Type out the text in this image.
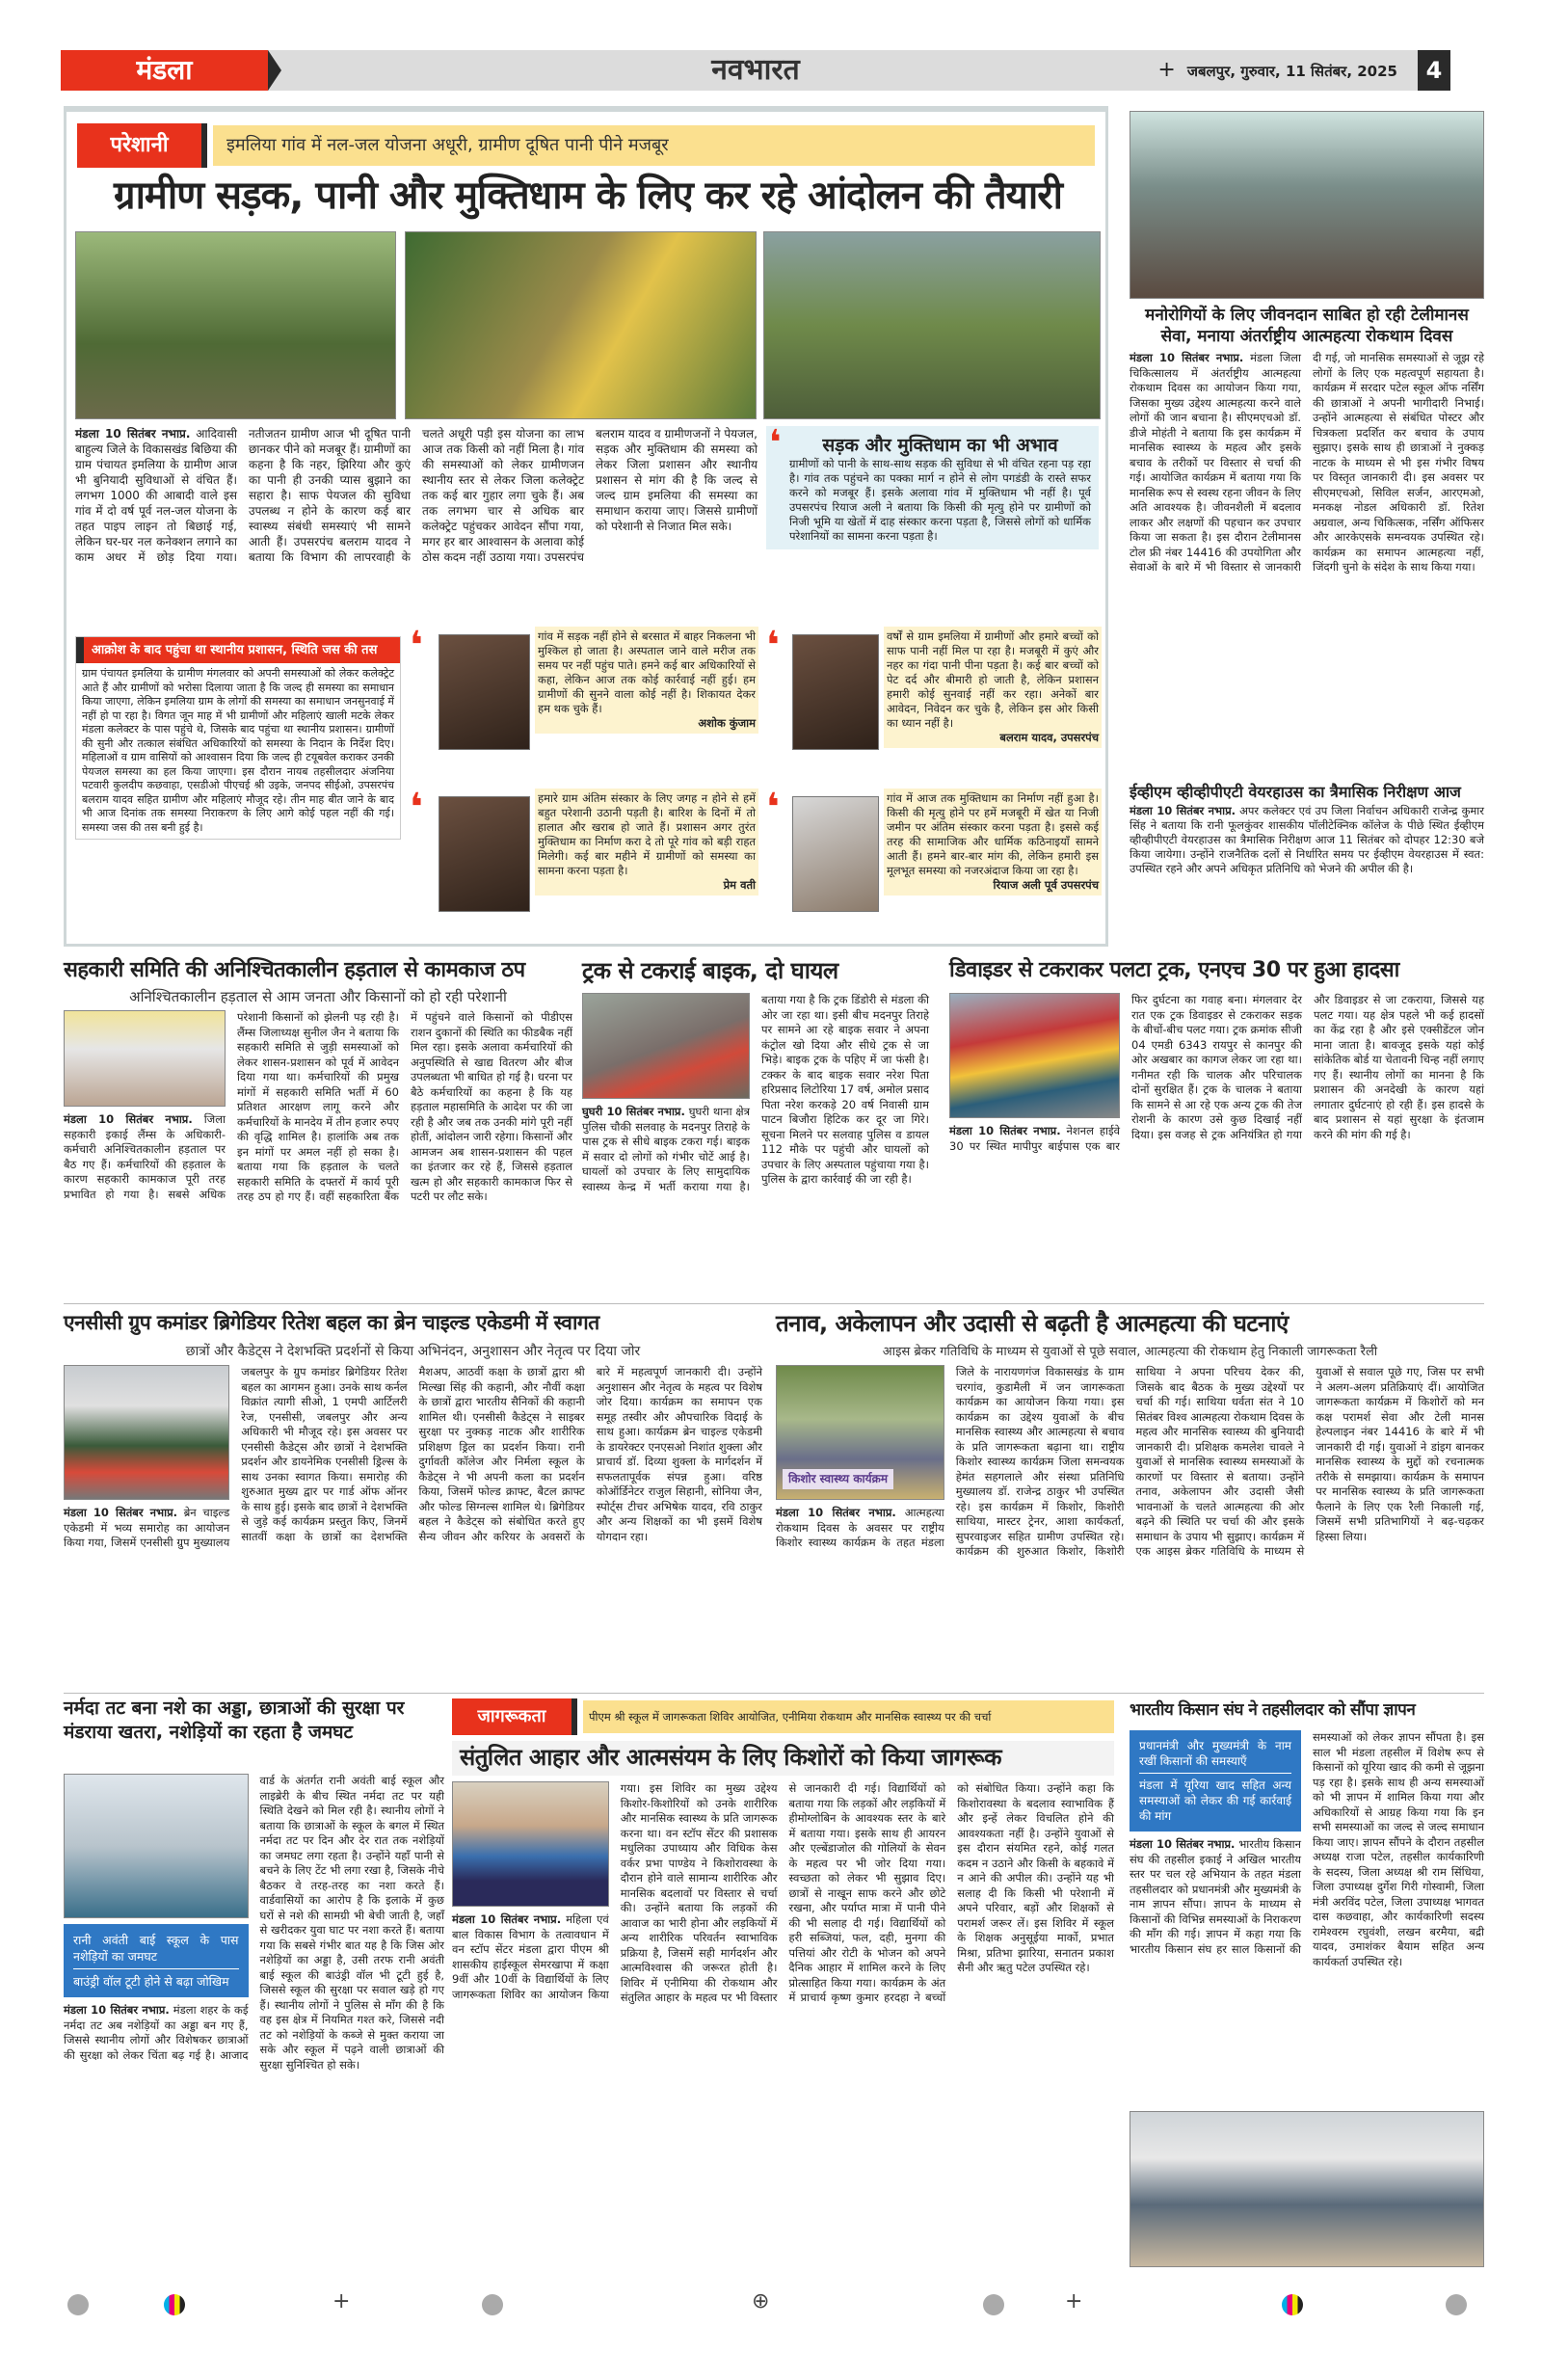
नवभारत
मंडला	+ जबलपुर, गुरुवार, 11 सितंबर, 2025	4
परेशानी	इमलिया गांव में नल-जल योजना अधूरी, ग्रामीण दूषित पानी पीने मजबूर
ग्रामीण सड़क, पानी और मुक्तिधाम के लिए कर रहे आंदोलन की तैयारी
मंडला 10 सितंबर नभाप्र. आदिवासी बाहुल्य जिले के विकासखंड बिछिया की ग्राम पंचायत इमलिया के ग्रामीण आज भी बुनियादी सुविधाओं से वंचित हैं। लगभग 1000 की आबादी वाले इस गांव में दो वर्ष पूर्व नल-जल योजना के तहत पाइप लाइन तो बिछाई गई, लेकिन घर-घर नल कनेक्शन लगाने का काम अधर में छोड़ दिया गया। नतीजतन ग्रामीण आज भी दूषित पानी छानकर पीने को मजबूर हैं। ग्रामीणों का कहना है कि नहर, झिरिया और कुएं का पानी ही उनकी प्यास बुझाने का सहारा है। साफ पेयजल की सुविधा उपलब्ध न होने के कारण कई बार स्वास्थ्य संबंधी समस्याएं भी सामने आती हैं। उपसरपंच बलराम यादव ने बताया कि विभाग की लापरवाही के चलते अधूरी पड़ी इस योजना का लाभ आज तक किसी को नहीं मिला है। गांव की समस्याओं को लेकर ग्रामीणजन स्थानीय स्तर से लेकर जिला कलेक्ट्रेट तक कई बार गुहार लगा चुके हैं। अब तक लगभग चार से अधिक बार कलेक्ट्रेट पहुंचकर आवेदन सौंपा गया, मगर हर बार आश्वासन के अलावा कोई ठोस कदम नहीं उठाया गया। उपसरपंच बलराम यादव व ग्रामीणजनों ने पेयजल, सड़क और मुक्तिधाम की समस्या को लेकर जिला प्रशासन और स्थानीय प्रशासन से मांग की है कि जल्द से जल्द ग्राम इमलिया की समस्या का समाधान कराया जाए। जिससे ग्रामीणों को परेशानी से निजात मिल सके।
आक्रोश के बाद पहुंचा था स्थानीय प्रशासन, स्थिति जस की तस
ग्राम पंचायत इमलिया के ग्रामीण मंगलवार को अपनी समस्याओं को लेकर कलेक्ट्रेट आते हैं और ग्रामीणों को भरोसा दिलाया जाता है कि जल्द ही समस्या का समाधान किया जाएगा, लेकिन इमलिया ग्राम के लोगों की समस्या का समाधान जनसुनवाई में नहीं हो पा रहा है। विगत जून माह में भी ग्रामीणों और महिलाएं खाली मटके लेकर मंडला कलेक्टर के पास पहुंचे थे, जिसके बाद पहुंचा था स्थानीय प्रशासन। ग्रामीणों की सुनी और तत्काल संबंधित अधिकारियों को समस्या के निदान के निर्देश दिए। महिलाओं व ग्राम वासियों को आश्वासन दिया कि जल्द ही टयूबवेल कराकर उनकी पेयजल समस्या का हल किया जाएगा। इस दौरान नायब तहसीलदार अंजनिया पटवारी कुलदीप कछवाहा, एसडीओ पीएचई श्री उइके, जनपद सीईओ, उपसरपंच बलराम यादव सहित ग्रामीण और महिलाएं मौजूद रहे। तीन माह बीत जाने के बाद भी आज दिनांक तक समस्या निराकरण के लिए आगे कोई पहल नहीं की गई। समस्या जस की तस बनी हुई है।
सड़क और मुक्तिधाम का भी अभाव
ग्रामीणों को पानी के साथ-साथ सड़क की सुविधा से भी वंचित रहना पड़ रहा है। गांव तक पहुंचने का पक्का मार्ग न होने से लोग पगडंडी के रास्ते सफर करने को मजबूर हैं। इसके अलावा गांव में मुक्तिधाम भी नहीं है। पूर्व उपसरपंच रियाज अली ने बताया कि किसी की मृत्यु होने पर ग्रामीणों को निजी भूमि या खेतों में दाह संस्कार करना पड़ता है, जिससे लोगों को धार्मिक परेशानियों का सामना करना पड़ता है।
❛
❛	गांव में सड़क नहीं होने से बरसात में बाहर निकलना भी मुश्किल हो जाता है। अस्पताल जाने वाले मरीज तक समय पर नहीं पहुंच पाते। हमने कई बार अधिकारियों से कहा, लेकिन आज तक कोई कार्रवाई नहीं हुई। हम ग्रामीणों की सुनने वाला कोई नहीं है। शिकायत देकर हम थक चुके हैं।
अशोक कुंजाम
❛	हमारे ग्राम अंतिम संस्कार के लिए जगह न होने से हमें बहुत परेशानी उठानी पड़ती है। बारिश के दिनों में तो हालात और खराब हो जाते हैं। प्रशासन अगर तुरंत मुक्तिधाम का निर्माण करा दे तो पूरे गांव को बड़ी राहत मिलेगी। कई बार महीने में ग्रामीणों को समस्या का सामना करना पड़ता है।
प्रेम वती
❛	वर्षों से ग्राम इमलिया में ग्रामीणों और हमारे बच्चों को साफ पानी नहीं मिल पा रहा है। मजबूरी में कुएं और नहर का गंदा पानी पीना पड़ता है। कई बार बच्चों को पेट दर्द और बीमारी हो जाती है, लेकिन प्रशासन हमारी कोई सुनवाई नहीं कर रहा। अनेकों बार आवेदन, निवेदन कर चुके है, लेकिन इस ओर किसी का ध्यान नहीं है।
बलराम यादव, उपसरपंच
❛	गांव में आज तक मुक्तिधाम का निर्माण नहीं हुआ है। किसी की मृत्यु होने पर हमें मजबूरी में खेत या निजी जमीन पर अंतिम संस्कार करना पड़ता है। इससे कई तरह की सामाजिक और धार्मिक कठिनाइयाँ सामने आती हैं। हमने बार-बार मांग की, लेकिन हमारी इस मूलभूत समस्या को नजरअंदाज किया जा रहा है।
रियाज अली पूर्व उपसरपंच
मनोरोगियों के लिए जीवनदान साबित हो रही टेलीमानस सेवा, मनाया अंतर्राष्ट्रीय आत्महत्या रोकथाम दिवस
मंडला 10 सितंबर नभाप्र. मंडला जिला चिकित्सालय में अंतर्राष्ट्रीय आत्महत्या रोकथाम दिवस का आयोजन किया गया, जिसका मुख्य उद्देश्य आत्महत्या करने वाले लोगों की जान बचाना है। सीएमएचओ डॉ. डीजे मोहंती ने बताया कि इस कार्यक्रम में मानसिक स्वास्थ्य के महत्व और इसके बचाव के तरीकों पर विस्तार से चर्चा की गई। आयोजित कार्यक्रम में बताया गया कि मानसिक रूप से स्वस्थ रहना जीवन के लिए अति आवश्यक है। जीवनशैली में बदलाव लाकर और लक्षणों की पहचान कर उपचार किया जा सकता है। इस दौरान टेलीमानस टोल फ्री नंबर 14416 की उपयोगिता और सेवाओं के बारे में भी विस्तार से जानकारी दी गई, जो मानसिक समस्याओं से जूझ रहे लोगों के लिए एक महत्वपूर्ण सहायता है। कार्यक्रम में सरदार पटेल स्कूल ऑफ नर्सिंग की छात्राओं ने अपनी भागीदारी निभाई। उन्होंने आत्महत्या से संबंधित पोस्टर और चित्रकला प्रदर्शित कर बचाव के उपाय सुझाए। इसके साथ ही छात्राओं ने नुक्कड़ नाटक के माध्यम से भी इस गंभीर विषय पर विस्तृत जानकारी दी। इस अवसर पर सीएमएचओ, सिविल सर्जन, आरएमओ, मनकक्ष नोडल अधिकारी डॉ. रितेश अग्रवाल, अन्य चिकित्सक, नर्सिंग ऑफिसर और आरकेएसके समन्वयक उपस्थित रहे। कार्यक्रम का समापन आत्महत्या नहीं, जिंदगी चुनो के संदेश के साथ किया गया।
ईव्हीएम व्हीव्हीपीएटी वेयरहाउस का त्रैमासिक निरीक्षण आज
मंडला 10 सितंबर नभाप्र. अपर कलेक्टर एवं उप जिला निर्वाचन अधिकारी राजेन्द्र कुमार सिंह ने बताया कि रानी फूलकुंवर शासकीय पॉलीटेक्निक कॉलेज के पीछे स्थित ईव्हीएम व्हीव्हीपीएटी वेयरहाउस का त्रैमासिक निरीक्षण आज 11 सितंबर को दोपहर 12:30 बजे किया जायेगा। उन्होंने राजनैतिक दलों से निर्धारित समय पर ईव्हीएम वेयरहाउस में स्वत: उपस्थित रहने और अपने अधिकृत प्रतिनिधि को भेजने की अपील की है।
सहकारी समिति की अनिश्चितकालीन हड़ताल से कामकाज ठप
अनिश्चितकालीन हड़ताल से आम जनता और किसानों को हो रही परेशानी
मंडला 10 सितंबर नभाप्र. जिला सहकारी इकाई लैंम्स के अधिकारी-कर्मचारी अनिश्चितकालीन हड़ताल पर बैठ गए हैं। कर्मचारियों की हड़ताल के कारण सहकारी कामकाज पूरी तरह प्रभावित हो गया है। सबसे अधिक परेशानी किसानों को झेलनी पड़ रही है। लैंम्स जिलाध्यक्ष सुनील जैन ने बताया कि सहकारी समिति से जुड़ी समस्याओं को लेकर शासन-प्रशासन को पूर्व में आवेदन दिया गया था। कर्मचारियों की प्रमुख मांगों में सहकारी समिति भर्ती में 60 प्रतिशत आरक्षण लागू करने और कर्मचारियों के मानदेय में तीन हजार रुपए की वृद्धि शामिल है। हालांकि अब तक इन मांगों पर अमल नहीं हो सका है। बताया गया कि हड़ताल के चलते सहकारी समिति के दफ्तरों में कार्य पूरी तरह ठप हो गए हैं। वहीं सहकारिता बैंक में पहुंचने वाले किसानों को पीडीएस राशन दुकानों की स्थिति का फीडबैक नहीं मिल रहा। इसके अलावा कर्मचारियों की अनुपस्थिति से खाद्य वितरण और बीज उपलब्धता भी बाधित हो गई है। धरना पर बैठे कर्मचारियों का कहना है कि यह हड़ताल महासमिति के आदेश पर की जा रही है और जब तक उनकी मांगे पूरी नहीं होतीं, आंदोलन जारी रहेगा। किसानों और आमजन अब शासन-प्रशासन की पहल का इंतजार कर रहे हैं, जिससे हड़ताल खत्म हो और सहकारी कामकाज फिर से पटरी पर लौट सके।
ट्रक से टकराई बाइक, दो घायल
घुघरी 10 सितंबर नभाप्र. घुघरी थाना क्षेत्र पुलिस चौकी सलवाह के मदनपुर तिराहे के पास ट्रक से सीधे बाइक टकरा गई। बाइक में सवार दो लोगों को गंभीर चोटें आई है। घायलों को उपचार के लिए सामुदायिक स्वास्थ्य केन्द्र में भर्ती कराया गया है। बताया गया है कि ट्रक डिंडोरी से मंडला की ओर जा रहा था। इसी बीच मदनपुर तिराहे पर सामने आ रहे बाइक सवार ने अपना कंट्रोल खो दिया और सीधे ट्रक से जा भिड़े। बाइक ट्रक के पहिए में जा फंसी है। टक्कर के बाद बाइक सवार नरेश पिता हरिप्रसाद लिटोरिया 17 वर्ष, अमोल प्रसाद पिता नरेश करकड़े 20 वर्ष निवासी ग्राम पाटन बिजौरा हिटिक कर दूर जा गिरे। सूचना मिलने पर सलवाह पुलिस व डायल 112 मौके पर पहुंची और घायलों को उपचार के लिए अस्पताल पहुंचाया गया है। पुलिस के द्वारा कार्रवाई की जा रही है।
डिवाइडर से टकराकर पलटा ट्रक, एनएच 30 पर हुआ हादसा
मंडला 10 सितंबर नभाप्र. नेशनल हाईवे 30 पर स्थित मापीपुर बाईपास एक बार फिर दुर्घटना का गवाह बना। मंगलवार देर रात एक ट्रक डिवाइडर से टकराकर सड़क के बीचों-बीच पलट गया। ट्रक क्रमांक सीजी 04 एमडी 6343 रायपुर से कानपुर की ओर अखबार का कागज लेकर जा रहा था। गनीमत रही कि चालक और परिचालक दोनों सुरक्षित हैं। ट्रक के चालक ने बताया कि सामने से आ रहे एक अन्य ट्रक की तेज रोशनी के कारण उसे कुछ दिखाई नहीं दिया। इस वजह से ट्रक अनियंत्रित हो गया और डिवाइडर से जा टकराया, जिससे यह पलट गया। यह क्षेत्र पहले भी कई हादसों का केंद्र रहा है और इसे एक्सीडेंटल जोन माना जाता है। बावजूद इसके यहां कोई सांकेतिक बोर्ड या चेतावनी चिन्ह नहीं लगाए गए हैं। स्थानीय लोगों का मानना है कि प्रशासन की अनदेखी के कारण यहां लगातार दुर्घटनाएं हो रही हैं। इस हादसे के बाद प्रशासन से यहां सुरक्षा के इंतजाम करने की मांग की गई है।
एनसीसी ग्रुप कमांडर ब्रिगेडियर रितेश बहल का ब्रेन चाइल्ड एकेडमी में स्वागत
छात्रों और कैडेट्स ने देशभक्ति प्रदर्शनों से किया अभिनंदन, अनुशासन और नेतृत्व पर दिया जोर
मंडला 10 सितंबर नभाप्र. ब्रेन चाइल्ड एकेडमी में भव्य समारोह का आयोजन किया गया, जिसमें एनसीसी ग्रुप मुख्यालय जबलपुर के ग्रुप कमांडर ब्रिगेडियर रितेश बहल का आगमन हुआ। उनके साथ कर्नल विक्रांत त्यागी सीओ, 1 एमपी आर्टिलरी रेज, एनसीसी, जबलपुर और अन्य अधिकारी भी मौजूद रहे। इस अवसर पर एनसीसी कैडेट्स और छात्रों ने देशभक्ति प्रदर्शन और डायनेमिक एनसीसी ड्रिल्स के साथ उनका स्वागत किया। समारोह की शुरुआत मुख्य द्वार पर गार्ड ऑफ ऑनर के साथ हुई। इसके बाद छात्रों ने देशभक्ति से जुड़े कई कार्यक्रम प्रस्तुत किए, जिनमें सातवीं कक्षा के छात्रों का देशभक्ति मैशअप, आठवीं कक्षा के छात्रों द्वारा श्री मिल्खा सिंह की कहानी, और नौवीं कक्षा के छात्रों द्वारा भारतीय सैनिकों की कहानी शामिल थी। एनसीसी कैडेट्स ने साइबर सुरक्षा पर नुक्कड़ नाटक और शारीरिक प्रशिक्षण ड्रिल का प्रदर्शन किया। रानी दुर्गावती कॉलेज और निर्मला स्कूल के कैडेट्स ने भी अपनी कला का प्रदर्शन किया, जिसमें फोल्ड क्राफ्ट, बैटल क्राफ्ट और फोल्ड सिग्नल्स शामिल थे। ब्रिगेडियर बहल ने कैडेट्स को संबोधित करते हुए सैन्य जीवन और करियर के अवसरों के बारे में महत्वपूर्ण जानकारी दी। उन्होंने अनुशासन और नेतृत्व के महत्व पर विशेष जोर दिया। कार्यक्रम का समापन एक समूह तस्वीर और औपचारिक विदाई के साथ हुआ। कार्यक्रम ब्रेन चाइल्ड एकेडमी के डायरेक्टर एनएसओ निशांत शुक्ला और प्राचार्य डॉ. दिव्या शुक्ला के मार्गदर्शन में सफलतापूर्वक संपन्न हुआ। वरिष्ठ कोऑर्डिनेटर राजुल सिहानी, सोनिया जैन, स्पोर्ट्स टीचर अभिषेक यादव, रवि ठाकुर और अन्य शिक्षकों का भी इसमें विशेष योगदान रहा।
तनाव, अकेलापन और उदासी से बढ़ती है आत्महत्या की घटनाएं
आइस ब्रेकर गतिविधि के माध्यम से युवाओं से पूछे सवाल, आत्महत्या की रोकथाम हेतु निकाली जागरूकता रैली
किशोर स्वास्थ्य कार्यक्रम
मंडला 10 सितंबर नभाप्र. आत्महत्या रोकथाम दिवस के अवसर पर राष्ट्रीय किशोर स्वास्थ्य कार्यक्रम के तहत मंडला जिले के नारायणगंज विकासखंड के ग्राम चरगांव, कुडामैली में जन जागरूकता कार्यक्रम का आयोजन किया गया। इस कार्यक्रम का उद्देश्य युवाओं के बीच मानसिक स्वास्थ्य और आत्महत्या से बचाव के प्रति जागरूकता बढ़ाना था। राष्ट्रीय किशोर स्वास्थ्य कार्यक्रम जिला समन्वयक हेमंत सहगलाले और संस्था प्रतिनिधि मुख्यालय डॉ. राजेन्द्र ठाकुर भी उपस्थित रहे। इस कार्यक्रम में किशोर, किशोरी साथिया, मास्टर ट्रेनर, आशा कार्यकर्ता, सुपरवाइजर सहित ग्रामीण उपस्थित रहे। कार्यक्रम की शुरुआत किशोर, किशोरी साथिया ने अपना परिचय देकर की, जिसके बाद बैठक के मुख्य उद्देश्यों पर चर्चा की गई। साथिया धर्वता संत ने 10 सितंबर विश्व आत्महत्या रोकथाम दिवस के महत्व और मानसिक स्वास्थ्य की बुनियादी जानकारी दी। प्रशिक्षक कमलेश चावले ने युवाओं से मानसिक स्वास्थ्य समस्याओं के कारणों पर विस्तार से बताया। उन्होंने तनाव, अकेलापन और उदासी जैसी भावनाओं के चलते आत्महत्या की ओर बढ़ने की स्थिति पर चर्चा की और इसके समाधान के उपाय भी सुझाए। कार्यक्रम में एक आइस ब्रेकर गतिविधि के माध्यम से युवाओं से सवाल पूछे गए, जिस पर सभी ने अलग-अलग प्रतिक्रियाएं दीं। आयोजित जागरूकता कार्यक्रम में किशोरों को मन कक्ष परामर्श सेवा और टेली मानस हेल्पलाइन नंबर 14416 के बारे में भी जानकारी दी गई। युवाओं ने डांइग बानकर मानसिक स्वास्थ्य के मुद्दों को रचनात्मक तरीके से समझाया। कार्यक्रम के समापन पर मानसिक स्वास्थ्य के प्रति जागरूकता फैलाने के लिए एक रैली निकाली गई, जिसमें सभी प्रतिभागियों ने बढ़-चढ़कर हिस्सा लिया।
नर्मदा तट बना नशे का अड्डा, छात्राओं की सुरक्षा पर मंडराया खतरा, नशेड़ियों का रहता है जमघट
रानी अवंती बाई स्कूल के पास नशेड़ियों का जमघट
बाउंड्री वॉल टूटी होने से बढ़ा जोखिम
मंडला 10 सितंबर नभाप्र. मंडला शहर के कई नर्मदा तट अब नशेड़ियों का अड्डा बन गए हैं, जिससे स्थानीय लोगों और विशेषकर छात्राओं की सुरक्षा को लेकर चिंता बढ़ गई है। आजाद वार्ड के अंतर्गत रानी अवंती बाई स्कूल और लाइब्रेरी के बीच स्थित नर्मदा तट पर यही स्थिति देखने को मिल रही है। स्थानीय लोगों ने बताया कि छात्राओं के स्कूल के बगल में स्थित नर्मदा तट पर दिन और देर रात तक नशेड़ियों का जमघट लगा रहता है। उन्होंने यहाँ पानी से बचने के लिए टेंट भी लगा रखा है, जिसके नीचे बैठकर वे तरह-तरह का नशा करते हैं। वार्डवासियों का आरोप है कि इलाके में कुछ घरों से नशे की सामग्री भी बेची जाती है, जहाँ से खरीदकर युवा घाट पर नशा करते हैं। बताया गया कि सबसे गंभीर बात यह है कि जिस ओर नशेड़ियों का अड्डा है, उसी तरफ रानी अवंती बाई स्कूल की बाउंड्री वॉल भी टूटी हुई है, जिससे स्कूल की सुरक्षा पर सवाल खड़े हो गए हैं। स्थानीय लोगों ने पुलिस से माँग की है कि वह इस क्षेत्र में नियमित गश्त करे, जिससे नदी तट को नशेड़ियों के कब्जे से मुक्त कराया जा सके और स्कूल में पढ़ने वाली छात्राओं की सुरक्षा सुनिश्चित हो सके।
जागरूकता	पीएम श्री स्कूल में जागरूकता शिविर आयोजित, एनीमिया रोकथाम और मानसिक स्वास्थ्य पर की चर्चा
संतुलित आहार और आत्मसंयम के लिए किशोरों को किया जागरूक
मंडला 10 सितंबर नभाप्र. महिला एवं बाल विकास विभाग के तत्वावधान में वन स्टॉप सेंटर मंडला द्वारा पीएम श्री शासकीय हाईस्कूल सेमरखापा में कक्षा 9वीं और 10वीं के विद्यार्थियों के लिए जागरूकता शिविर का आयोजन किया गया। इस शिविर का मुख्य उद्देश्य किशोर-किशोरियों को उनके शारीरिक और मानसिक स्वास्थ्य के प्रति जागरूक करना था। वन स्टॉप सेंटर की प्रशासक मधुलिका उपाध्याय और विधिक केस वर्कर प्रभा पाण्डेय ने किशोरावस्था के दौरान होने वाले सामान्य शारीरिक और मानसिक बदलावों पर विस्तार से चर्चा की। उन्होंने बताया कि लड़कों की आवाज का भारी होना और लड़कियों में अन्य शारीरिक परिवर्तन स्वाभाविक प्रक्रिया है, जिसमें सही मार्गदर्शन और आत्मविश्वास की जरूरत होती है। शिविर में एनीमिया की रोकथाम और संतुलित आहार के महत्व पर भी विस्तार से जानकारी दी गई। विद्यार्थियों को बताया गया कि लड़कों और लड़कियों में हीमोग्लोबिन के आवश्यक स्तर के बारे में बताया गया। इसके साथ ही आयरन और एल्बेंडाजोल की गोलियों के सेवन के महत्व पर भी जोर दिया गया। स्वच्छता को लेकर भी सुझाव दिए। छात्रों से नाखून साफ करने और छोटे रखना, और पर्याप्त मात्रा में पानी पीने की भी सलाह दी गई। विद्यार्थियों को हरी सब्जियां, फल, दही, मुनगा की पत्तियां और रोटी के भोजन को अपने दैनिक आहार में शामिल करने के लिए प्रोत्साहित किया गया। कार्यक्रम के अंत में प्राचार्य कृष्ण कुमार हरदहा ने बच्चों को संबोधित किया। उन्होंने कहा कि किशोरावस्था के बदलाव स्वाभाविक हैं और इन्हें लेकर विचलित होने की आवश्यकता नहीं है। उन्होंने युवाओं से इस दौरान संयमित रहने, कोई गलत कदम न उठाने और किसी के बहकावे में न आने की अपील की। उन्होंने यह भी सलाह दी कि किसी भी परेशानी में अपने परिवार, बड़ों और शिक्षकों से परामर्श जरूर लें। इस शिविर में स्कूल के शिक्षक अनुसूईया मार्को, प्रभात मिश्रा, प्रतिभा झारिया, सनातन प्रकाश सैनी और ऋतु पटेल उपस्थित रहे।
भारतीय किसान संघ ने तहसीलदार को सौंपा ज्ञापन
प्रधानमंत्री और मुख्यमंत्री के नाम रखीं किसानों की समस्याएँ
मंडला में यूरिया खाद सहित अन्य समस्याओं को लेकर की गई कार्रवाई की मांग
मंडला 10 सितंबर नभाप्र. भारतीय किसान संघ की तहसील इकाई ने अखिल भारतीय स्तर पर चल रहे अभियान के तहत मंडला तहसीलदार को प्रधानमंत्री और मुख्यमंत्री के नाम ज्ञापन सौंपा। ज्ञापन के माध्यम से किसानों की विभिन्न समस्याओं के निराकरण की माँग की गई। ज्ञापन में कहा गया कि भारतीय किसान संघ हर साल किसानों की समस्याओं को लेकर ज्ञापन सौंपता है। इस साल भी मंडला तहसील में विशेष रूप से किसानों को यूरिया खाद की कमी से जूझना पड़ रहा है। इसके साथ ही अन्य समस्याओं को भी ज्ञापन में शामिल किया गया और अधिकारियों से आग्रह किया गया कि इन सभी समस्याओं का जल्द से जल्द समाधान किया जाए। ज्ञापन सौंपने के दौरान तहसील अध्यक्ष राजा पटेल, तहसील कार्यकारिणी के सदस्य, जिला अध्यक्ष श्री राम सिंधिया, जिला उपाध्यक्ष दुर्गेश गिरी गोस्वामी, जिला मंत्री अरविंद पटेल, जिला उपाध्यक्ष भागवत दास कछवाहा, और कार्यकारिणी सदस्य रामेश्वरम रघुवंशी, लखन बरमैया, बद्री यादव, उमाशंकर बैयाम सहित अन्य कार्यकर्ता उपस्थित रहे।
+	⊕	+
